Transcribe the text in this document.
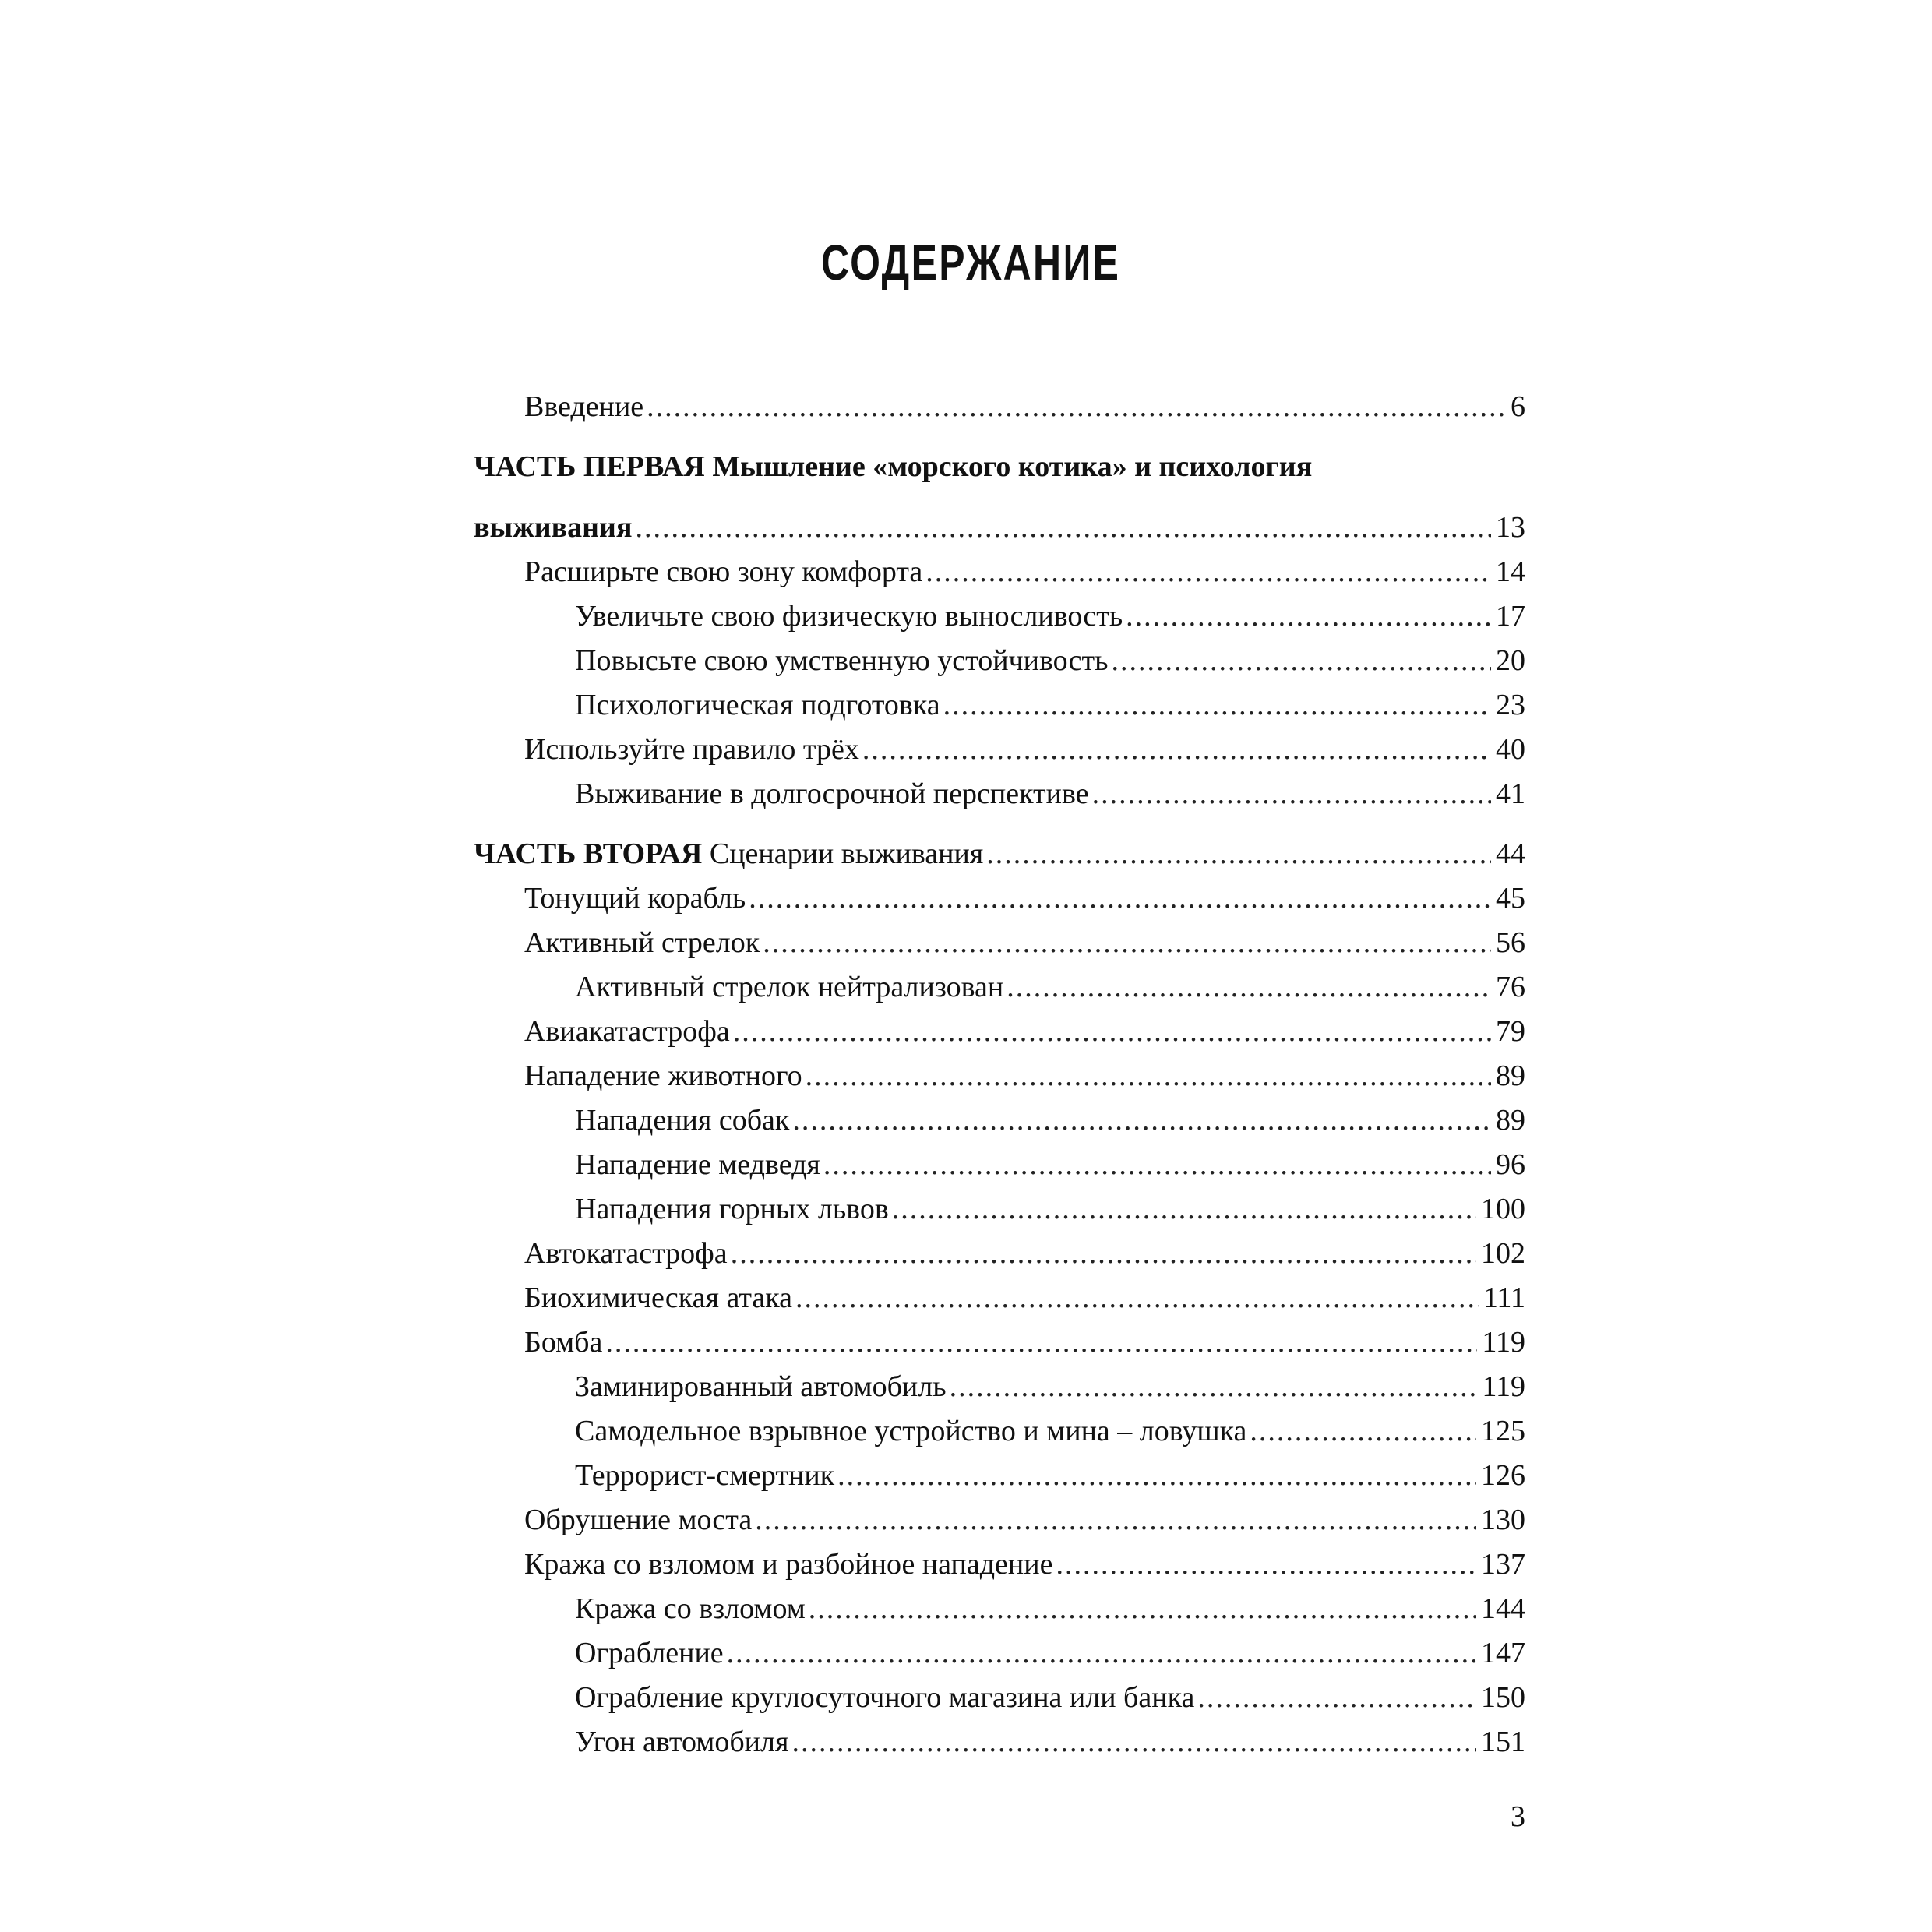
СОДЕРЖАНИЕ
Введение .....	6
ЧАСТЬ ПЕРВАЯ Мышление «морского котика» и психология
выживания .....	13
Расширьте свою зону комфорта .....	14
Увеличьте свою физическую выносливость .....	17
Повысьте свою умственную устойчивость .....	20
Психологическая подготовка .....	23
Используйте правило трёх .....	40
Выживание в долгосрочной перспективе .....	41
ЧАСТЬ ВТОРАЯ Сценарии выживания .....	44
Тонущий корабль .....	45
Активный стрелок .....	56
Активный стрелок нейтрализован .....	76
Авиакатастрофа .....	79
Нападение животного .....	89
Нападения собак .....	89
Нападение медведя .....	96
Нападения горных львов .....	100
Автокатастрофа .....	102
Биохимическая атака .....	111
Бомба .....	119
Заминированный автомобиль .....	119
Самодельное взрывное устройство и мина – ловушка .....	125
Террорист-смертник .....	126
Обрушение моста .....	130
Кража со взломом и разбойное нападение .....	137
Кража со взломом .....	144
Ограбление .....	147
Ограбление круглосуточного магазина или банка .....	150
Угон автомобиля .....	151
3
